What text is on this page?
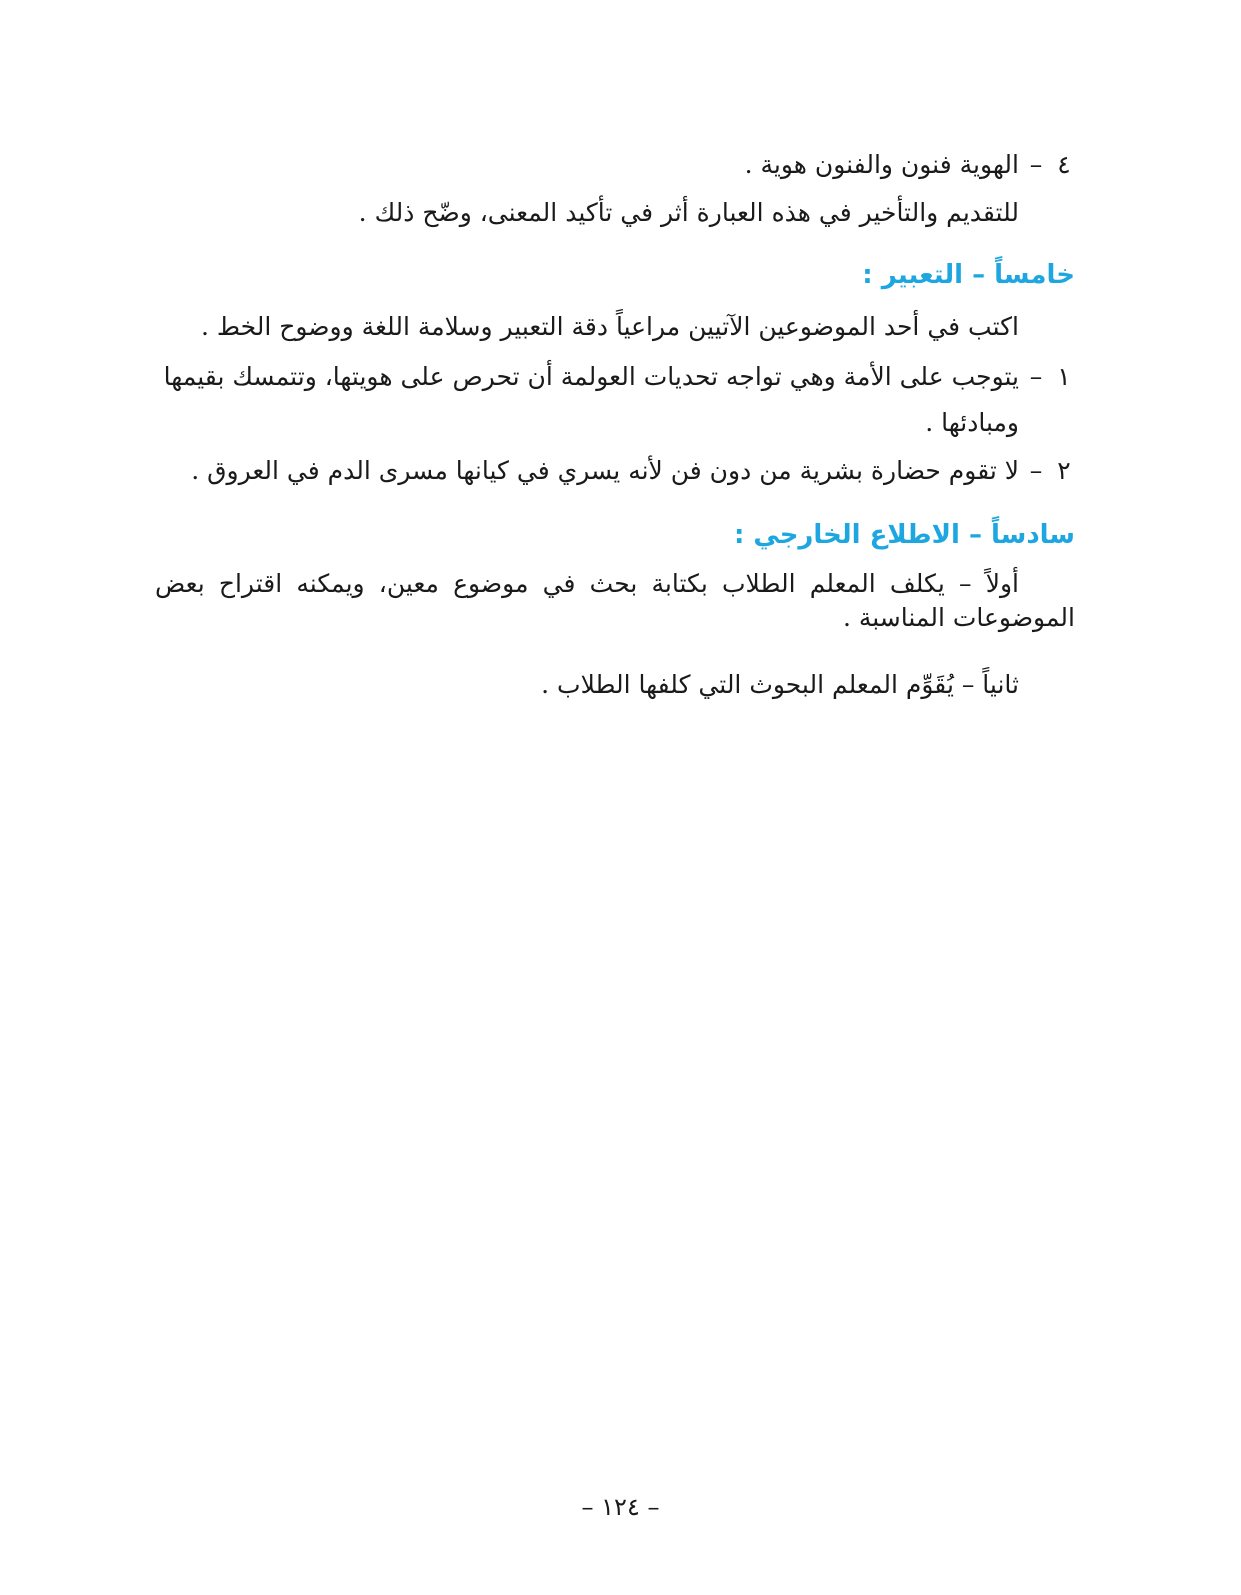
٤
–
الهوية فنون والفنون هوية .
للتقديم والتأخير في هذه العبارة أثر في تأكيد المعنى، وضّح ذلك .
خامساً – التعبير :
اكتب في أحد الموضوعين الآتيين مراعياً دقة التعبير وسلامة اللغة ووضوح الخط .
١
–
يتوجب على الأمة وهي تواجه تحديات العولمة أن تحرص على هويتها، وتتمسك بقيمها
ومبادئها .
٢
–
لا تقوم حضارة بشرية من دون فن لأنه يسري في كيانها مسرى الدم في العروق .
سادساً – الاطلاع الخارجي :
أولاً – يكلف المعلم الطلاب بكتابة بحث في موضوع معين، ويمكنه اقتراح بعض الموضوعات المناسبة .
ثانياً – يُقَوِّم المعلم البحوث التي كلفها الطلاب .
– ١٢٤ –
